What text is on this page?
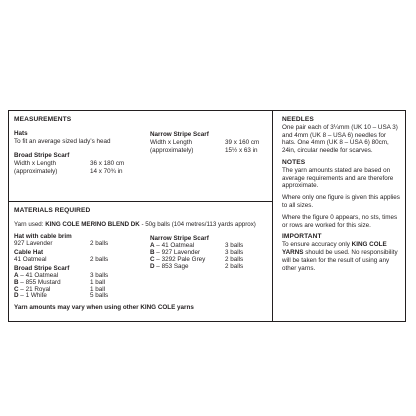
MEASUREMENTS
Hats
To fit an average sized lady’s head
Broad Stripe Scarf
Width x Length	36 x 180 cm
(approximately)	14 x 70¾ in
Narrow Stripe Scarf
Width x Length	39 x 160 cm
(approximately)	15½ x 63 in
MATERIALS REQUIRED
Yarn used: KING COLE MERINO BLEND DK - 50g balls (104 metres/113 yards approx)
Hat with cable brim
927 Lavender	2 balls
Cable Hat
41 Oatmeal	2 balls
Broad Stripe Scarf
A – 41 Oatmeal	3 balls
B – 855 Mustard	1 ball
C – 21 Royal	1 ball
D – 1 White	5 balls
Narrow Stripe Scarf
A – 41 Oatmeal	3 balls
B – 927 Lavender	3 balls
C – 3292 Pale Grey	2 balls
D – 853 Sage	2 balls

NEEDLES

One pair each of 3¼mm (UK 10 – USA 3) and 4mm (UK 8 – USA 6) needles for hats. One 4mm (UK 8 – USA 6) 80cm, 24in, circular needle for scarves.

NOTES

The yarn amounts stated are based on average requirements and are therefore approximate.

Where only one figure is given this applies to all sizes.

Where the figure 0 appears, no sts, times or rows are worked for this size.

IMPORTANT

To ensure accuracy only KING COLE YARNS should be used. No responsibility will be taken for the result of using any other yarns.

Yarn amounts may vary when using other KING COLE yarns
